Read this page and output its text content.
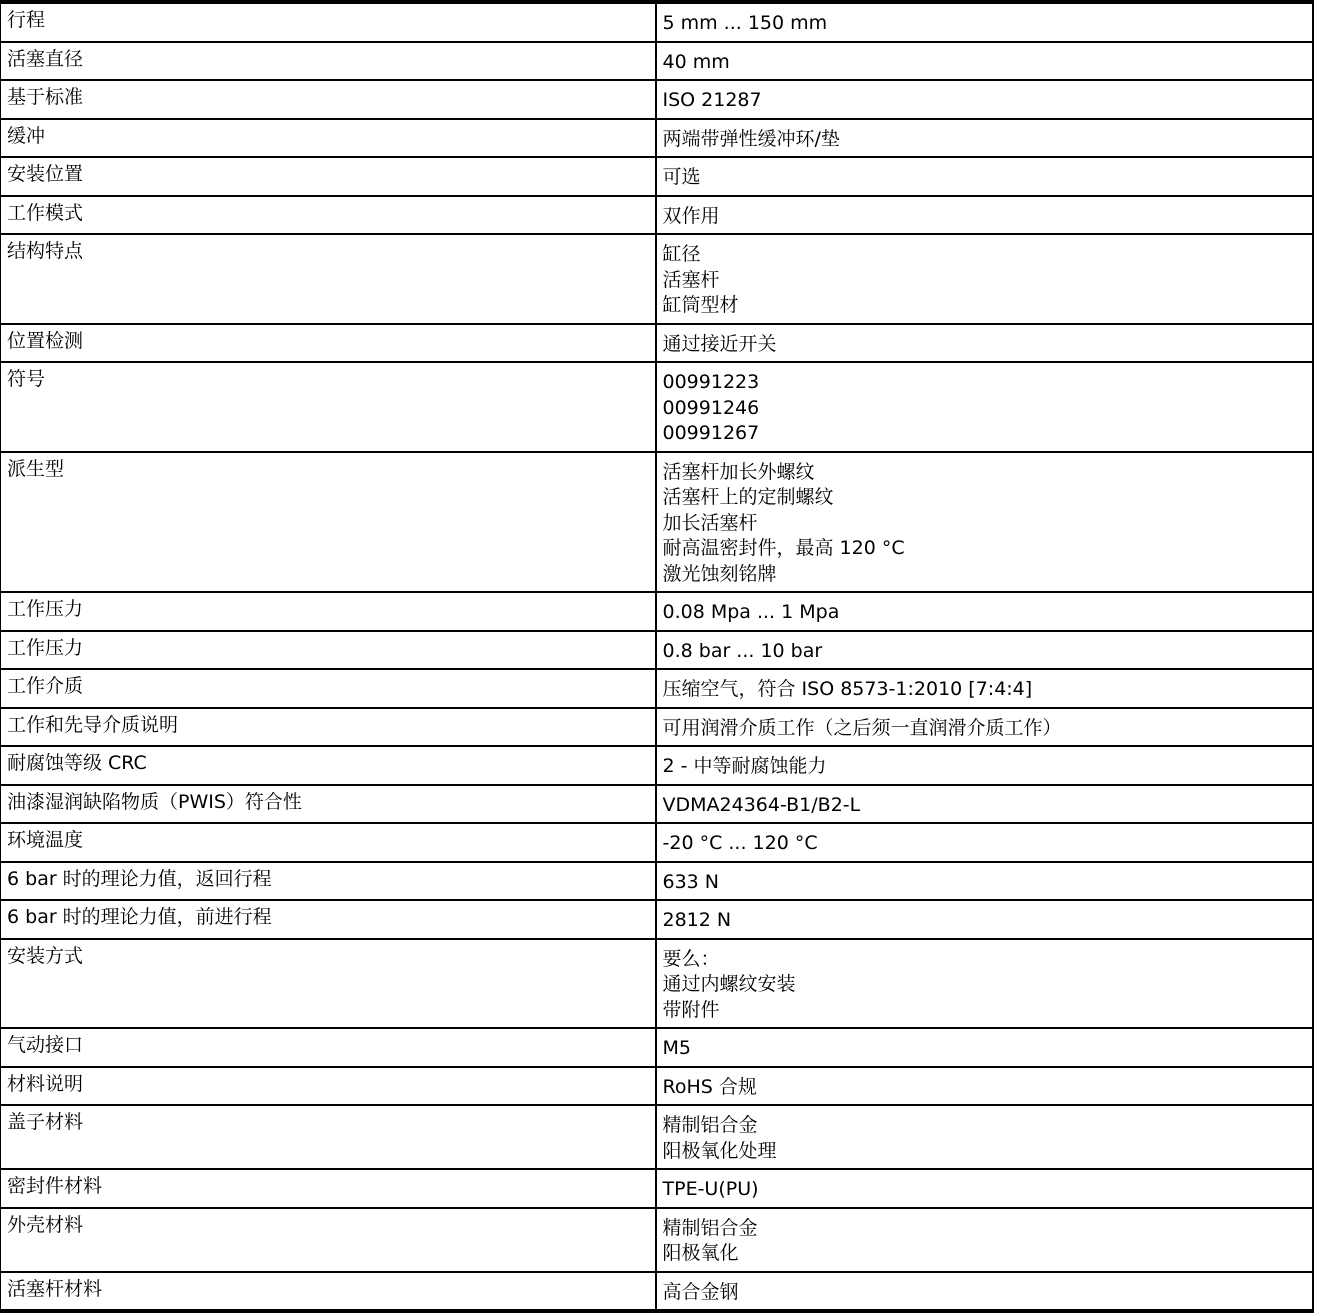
行程	5 mm ... 150 mm

活塞直径	40 mm

基于标准	ISO 21287

缓冲	两端带弹性缓冲环/垫

安装位置	可选

工作模式	双作用

结构特点	缸径
活塞杆
缸筒型材

位置检测	通过接近开关

符号	00991223
00991246
00991267

派生型	活塞杆加长外螺纹
活塞杆上的定制螺纹
加长活塞杆
耐高温密封件，最高 120 °C
激光蚀刻铭牌

工作压力	0.08 Mpa ... 1 Mpa

工作压力	0.8 bar ... 10 bar

工作介质	压缩空气，符合 ISO 8573-1:2010 [7:4:4]

工作和先导介质说明	可用润滑介质工作（之后须一直润滑介质工作）

耐腐蚀等级 CRC	2 - 中等耐腐蚀能力

油漆湿润缺陷物质（PWIS）符合性	VDMA24364-B1/B2-L

环境温度	-20 °C ... 120 °C

6 bar 时的理论力值，返回行程	633 N

6 bar 时的理论力值，前进行程	2812 N

安装方式	要么：
通过内螺纹安装
带附件

气动接口	M5

材料说明	RoHS 合规

盖子材料	精制铝合金
阳极氧化处理

密封件材料	TPE-U(PU)

外壳材料	精制铝合金
阳极氧化

活塞杆材料	高合金钢
